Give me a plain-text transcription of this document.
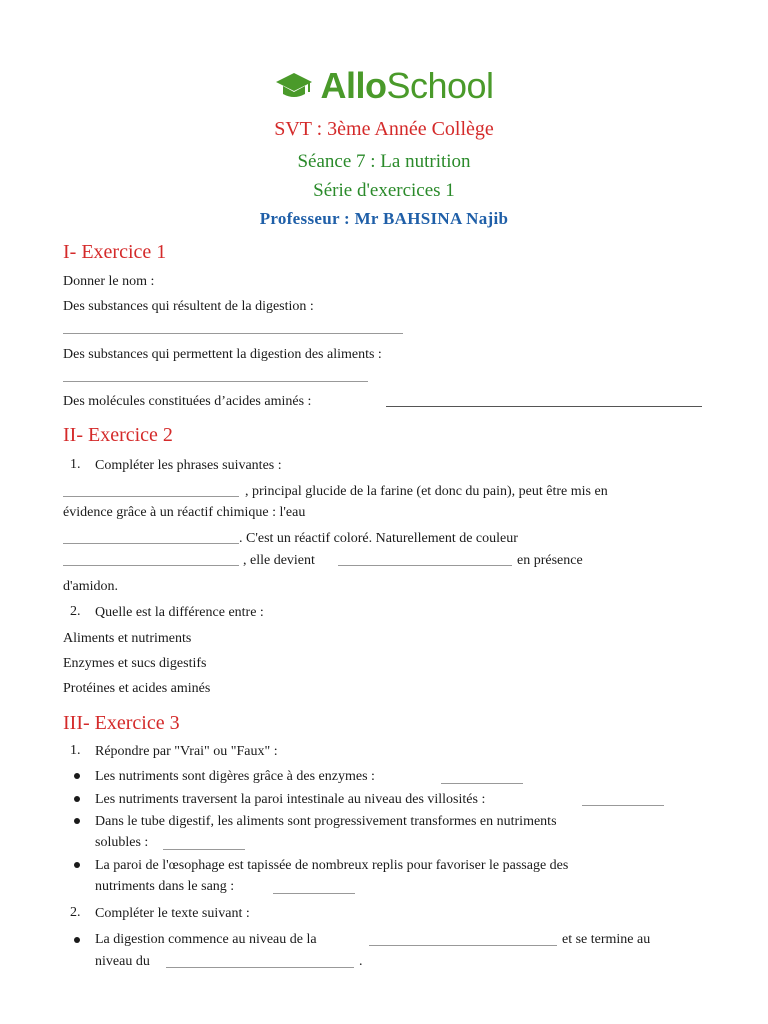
AlloSchool
SVT : 3ème Année Collège
Séance 7 : La nutrition
Série d'exercices 1
Professeur : Mr BAHSINA Najib
I- Exercice 1
Donner le nom :
Des substances qui résultent de la digestion :
Des substances qui permettent la digestion des aliments :
Des molécules constituées d’acides aminés :
II- Exercice 2
1. Compléter les phrases suivantes :
, principal glucide de la farine (et donc du pain), peut être mis en
évidence grâce à un réactif chimique : l'eau
. C'est un réactif coloré. Naturellement de couleur
, elle devient	en présence
d'amidon.
2. Quelle est la différence entre :
Aliments et nutriments
Enzymes et sucs digestifs
Protéines et acides aminés
III- Exercice 3
1. Répondre par "Vrai" ou "Faux" :
Les nutriments sont digères grâce à des enzymes :
Les nutriments traversent la paroi intestinale au niveau des villosités :
Dans le tube digestif, les aliments sont progressivement transformes en nutriments
solubles :
La paroi de l'œsophage est tapissée de nombreux replis pour favoriser le passage des
nutriments dans le sang :
2. Compléter le texte suivant :
La digestion commence au niveau de la	et se termine au
niveau du	.
